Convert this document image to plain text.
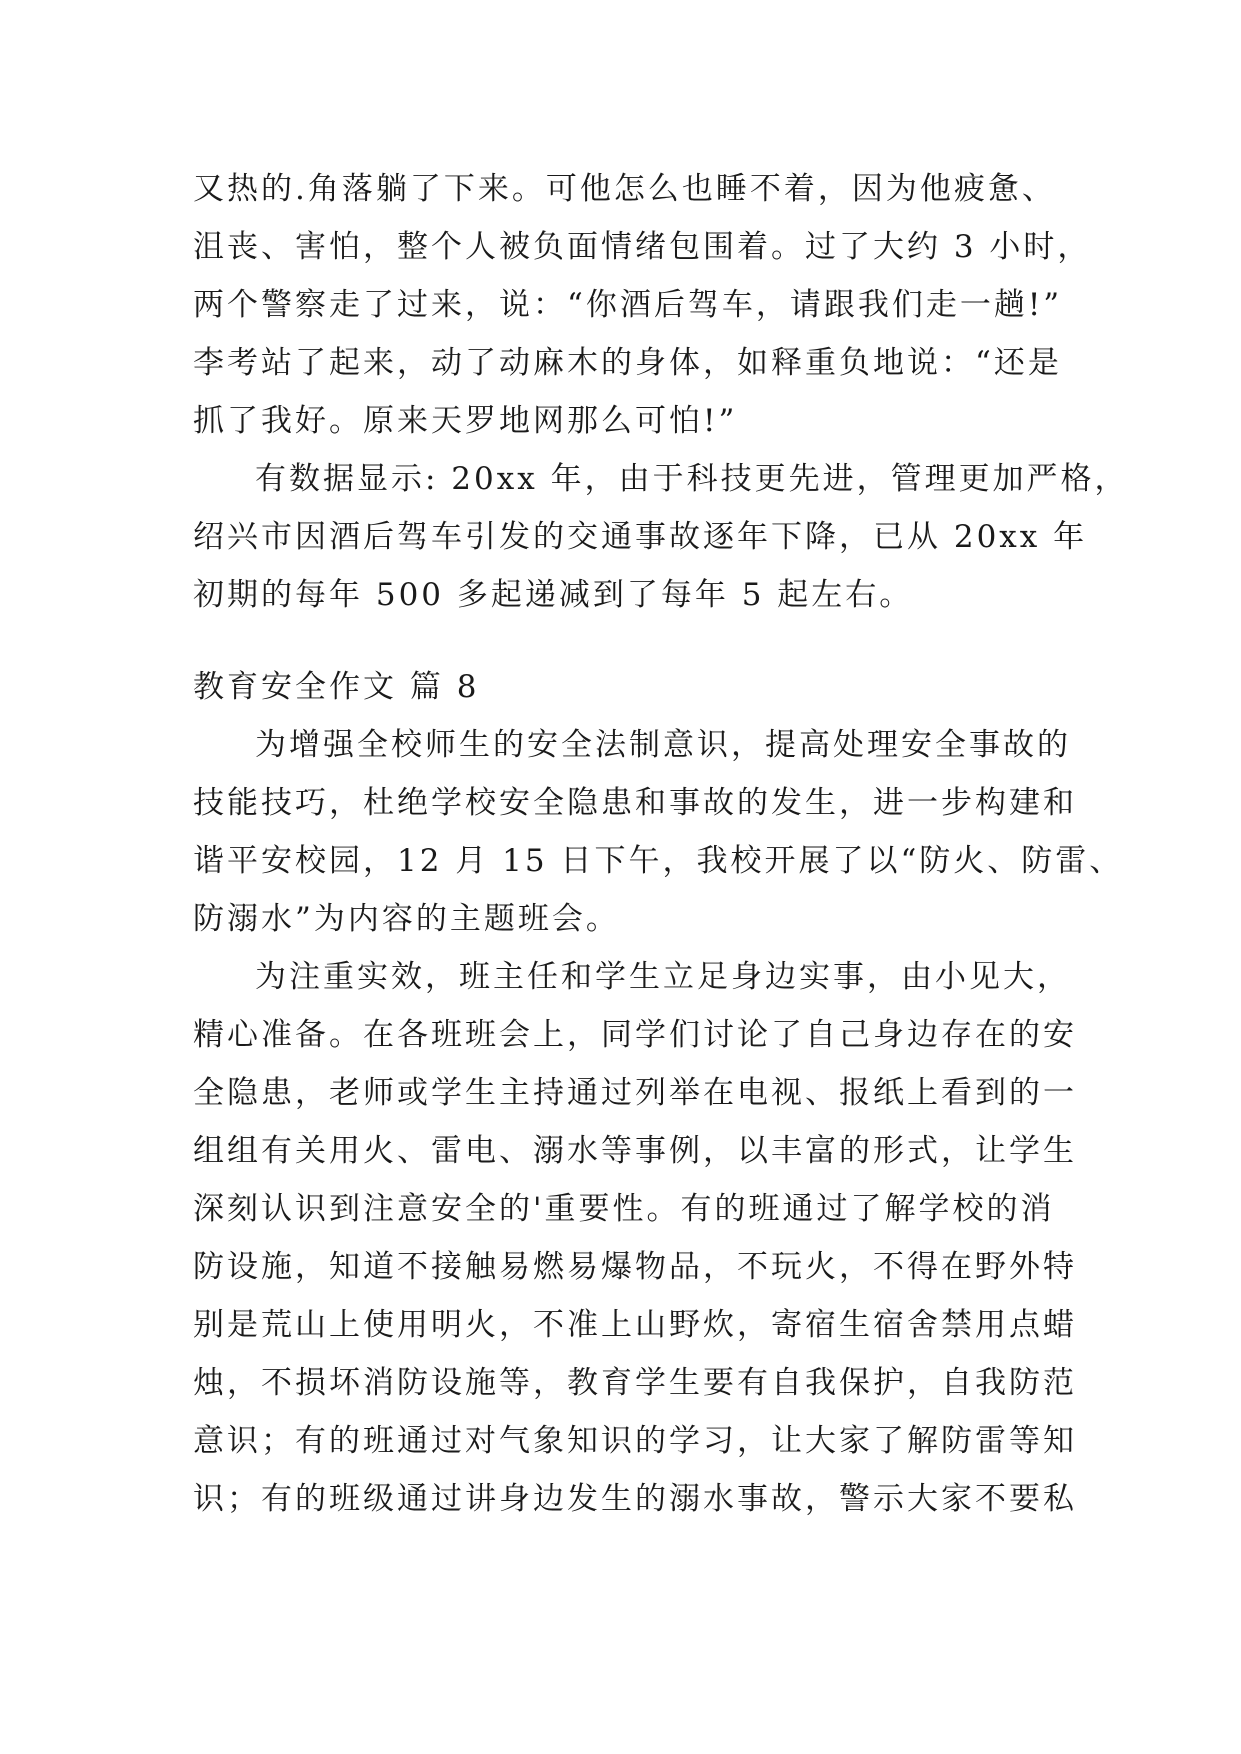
又热的.角落躺了下来。可他怎么也睡不着，因为他疲惫、
沮丧、害怕，整个人被负面情绪包围着。过了大约 3 小时，
两个警察走了过来，说：“你酒后驾车，请跟我们走一趟!”
李考站了起来，动了动麻木的身体，如释重负地说：“还是
抓了我好。原来天罗地网那么可怕!”
有数据显示: 20xx 年，由于科技更先进，管理更加严格，
绍兴市因酒后驾车引发的交通事故逐年下降，已从 20xx 年
初期的每年 500 多起递减到了每年 5 起左右。
教育安全作文 篇 8
为增强全校师生的安全法制意识，提高处理安全事故的
技能技巧，杜绝学校安全隐患和事故的发生，进一步构建和
谐平安校园，12 月 15 日下午，我校开展了以“防火、防雷、
防溺水”为内容的主题班会。
为注重实效，班主任和学生立足身边实事，由小见大，
精心准备。在各班班会上，同学们讨论了自己身边存在的安
全隐患，老师或学生主持通过列举在电视、报纸上看到的一
组组有关用火、雷电、溺水等事例，以丰富的形式，让学生
深刻认识到注意安全的'重要性。有的班通过了解学校的消
防设施，知道不接触易燃易爆物品，不玩火，不得在野外特
别是荒山上使用明火，不准上山野炊，寄宿生宿舍禁用点蜡
烛，不损坏消防设施等，教育学生要有自我保护，自我防范
意识；有的班通过对气象知识的学习，让大家了解防雷等知
识；有的班级通过讲身边发生的溺水事故，警示大家不要私
